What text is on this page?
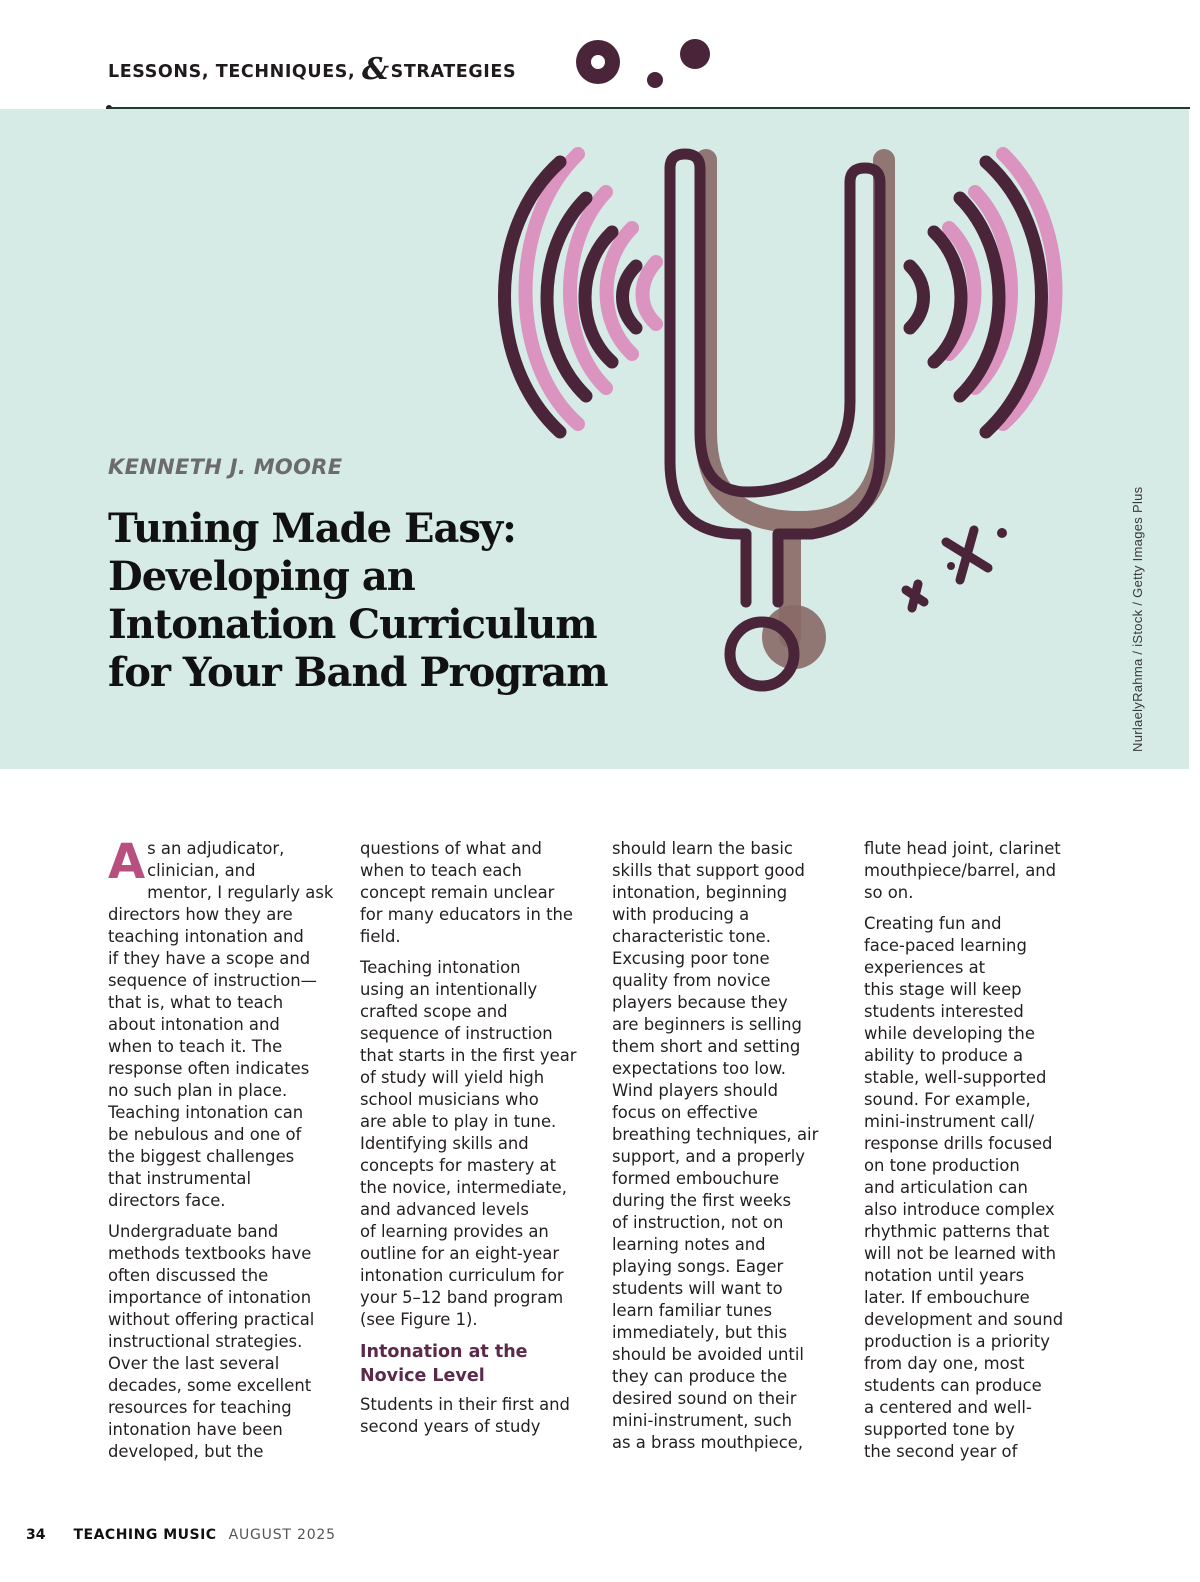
LESSONS, TECHNIQUES, &STRATEGIES
NurlaelyRahma / iStock / Getty Images Plus
KENNETH J. MOORE
Tuning Made Easy:
Developing an
Intonation Curriculum
for Your Band Program

A s an adjudicator,
clinician, and
mentor, I regularly ask
directors how they are
teaching intonation and
if they have a scope and
sequence of instruction—
that is, what to teach
about intonation and
when to teach it. The
response often indicates
no such plan in place.
Teaching intonation can
be nebulous and one of
the biggest challenges
that instrumental
directors face.

Undergraduate band
methods textbooks have
often discussed the
importance of intonation
without offering practical
instructional strategies.
Over the last several
decades, some excellent
resources for teaching
intonation have been
developed, but the

questions of what and
when to teach each
concept remain unclear
for many educators in the
field.

Teaching intonation
using an intentionally
crafted scope and
sequence of instruction
that starts in the first year
of study will yield high
school musicians who
are able to play in tune.
Identifying skills and
concepts for mastery at
the novice, intermediate,
and advanced levels
of learning provides an
outline for an eight-year
intonation curriculum for
your 5–12 band program
(see Figure 1).

Intonation at the
Novice Level

Students in their first and
second years of study

should learn the basic
skills that support good
intonation, beginning
with producing a
characteristic tone.
Excusing poor tone
quality from novice
players because they
are beginners is selling
them short and setting
expectations too low.
Wind players should
focus on effective
breathing techniques, air
support, and a properly
formed embouchure
during the first weeks
of instruction, not on
learning notes and
playing songs. Eager
students will want to
learn familiar tunes
immediately, but this
should be avoided until
they can produce the
desired sound on their
mini-instrument, such
as a brass mouthpiece,

flute head joint, clarinet
mouthpiece/barrel, and
so on.

Creating fun and
face-paced learning
experiences at
this stage will keep
students interested
while developing the
ability to produce a
stable, well-supported
sound. For example,
mini-instrument call/
response drills focused
on tone production
and articulation can
also introduce complex
rhythmic patterns that
will not be learned with
notation until years
later. If embouchure
development and sound
production is a priority
from day one, most
students can produce
a centered and well-
supported tone by
the second year of

34 TEACHING MUSIC AUGUST 2025
